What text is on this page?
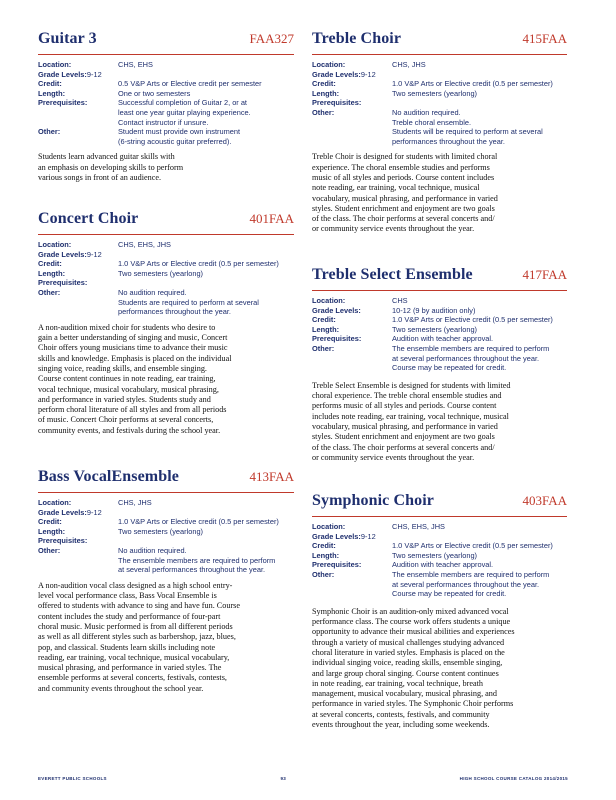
Guitar 3	FAA327
Location:	CHS, EHS
Grade Levels: 9-12
Credit:	0.5 V&P Arts or Elective credit per semester
Length:	One or two semesters
Prerequisites:	Successful completion of Guitar 2, or at
least one year guitar playing experience.
Contact instructor if unsure.
Other:	Student must provide own instrument
(6-string acoustic guitar preferred).
Students learn advanced guitar skills with
an emphasis on developing skills to perform
various songs in front of an audience.
Concert Choir	401FAA
Location:	CHS, EHS, JHS
Grade Levels: 9-12
Credit:	1.0 V&P Arts or Elective credit (0.5 per semester)
Length:	Two semesters (yearlong)
Prerequisites:
Other:	No audition required.
Students are required to perform at several
performances throughout the year.
A non-audition mixed choir for students who desire to
gain a better understanding of singing and music, Concert
Choir offers young musicians time to advance their music
skills and knowledge. Emphasis is placed on the individual
singing voice, reading skills, and ensemble singing.
Course content continues in note reading, ear training,
vocal technique, musical vocabulary, musical phrasing,
and performance in varied styles. Students study and
perform choral literature of all styles and from all periods
of music. Concert Choir performs at several concerts,
community events, and festivals during the school year.
Bass VocalEnsemble	413FAA
Location:	CHS, JHS
Grade Levels: 9-12
Credit:	1.0 V&P Arts or Elective credit (0.5 per semester)
Length:	Two semesters (yearlong)
Prerequisites:
Other:	No audition required.
The ensemble members are required to perform
at several performances throughout the year.
A non-audition vocal class designed as a high school entry-
level vocal performance class, Bass Vocal Ensemble is
offered to students with advance to sing and have fun. Course
content includes the study and performance of four-part
choral music. Music performed is from all different periods
as well as all different styles such as barbershop, jazz, blues,
pop, and classical. Students learn skills including note
reading, ear training, vocal technique, musical vocabulary,
musical phrasing, and performance in varied styles. The
ensemble performs at several concerts, festivals, contests,
and community events throughout the school year.
Treble Choir	415FAA
Location:	CHS, JHS
Grade Levels: 9-12
Credit:	1.0 V&P Arts or Elective credit (0.5 per semester)
Length:	Two semesters (yearlong)
Prerequisites:
Other:	No audition required.
Treble choral ensemble.
Students will be required to perform at several
performances throughout the year.
Treble Choir is designed for students with limited choral
experience. The choral ensemble studies and performs
music of all styles and periods. Course content includes
note reading, ear training, vocal technique, musical
vocabulary, musical phrasing, and performance in varied
styles. Student enrichment and enjoyment are two goals
of the class. The choir performs at several concerts and/
or community service events throughout the year.
Treble Select Ensemble	417FAA
Location:	CHS
Grade Levels:	10-12 (9 by audition only)
Credit:	1.0 V&P Arts or Elective credit (0.5 per semester)
Length:	Two semesters (yearlong)
Prerequisites:	Audition with teacher approval.
Other:	The ensemble members are required to perform
at several performances throughout the year.
Course may be repeated for credit.
Treble Select Ensemble is designed for students with limited
choral experience. The treble choral ensemble studies and
performs music of all styles and periods. Course content
includes note reading, ear training, vocal technique, musical
vocabulary, musical phrasing, and performance in varied
styles. Student enrichment and enjoyment are two goals
of the class. The choir performs at several concerts and/
or community service events throughout the year.
Symphonic Choir	403FAA
Location:	CHS, EHS, JHS
Grade Levels: 9-12
Credit:	1.0 V&P Arts or Elective credit (0.5 per semester)
Length:	Two semesters (yearlong)
Prerequisites:	Audition with teacher approval.
Other:	The ensemble members are required to perform
at several performances throughout the year.
Course may be repeated for credit.
Symphonic Choir is an audition-only mixed advanced vocal
performance class. The course work offers students a unique
opportunity to advance their musical abilities and experiences
through a variety of musical challenges studying advanced
choral literature in varied styles. Emphasis is placed on the
individual singing voice, reading skills, ensemble singing,
and large group choral singing. Course content continues
in note reading, ear training, vocal technique, breath
management, musical vocabulary, musical phrasing, and
performance in varied styles. The Symphonic Choir performs
at several concerts, contests, festivals, and community
events throughout the year, including some weekends.
EVERETT PUBLIC SCHOOLS	93	HIGH SCHOOL COURSE CATALOG 2014/2015
